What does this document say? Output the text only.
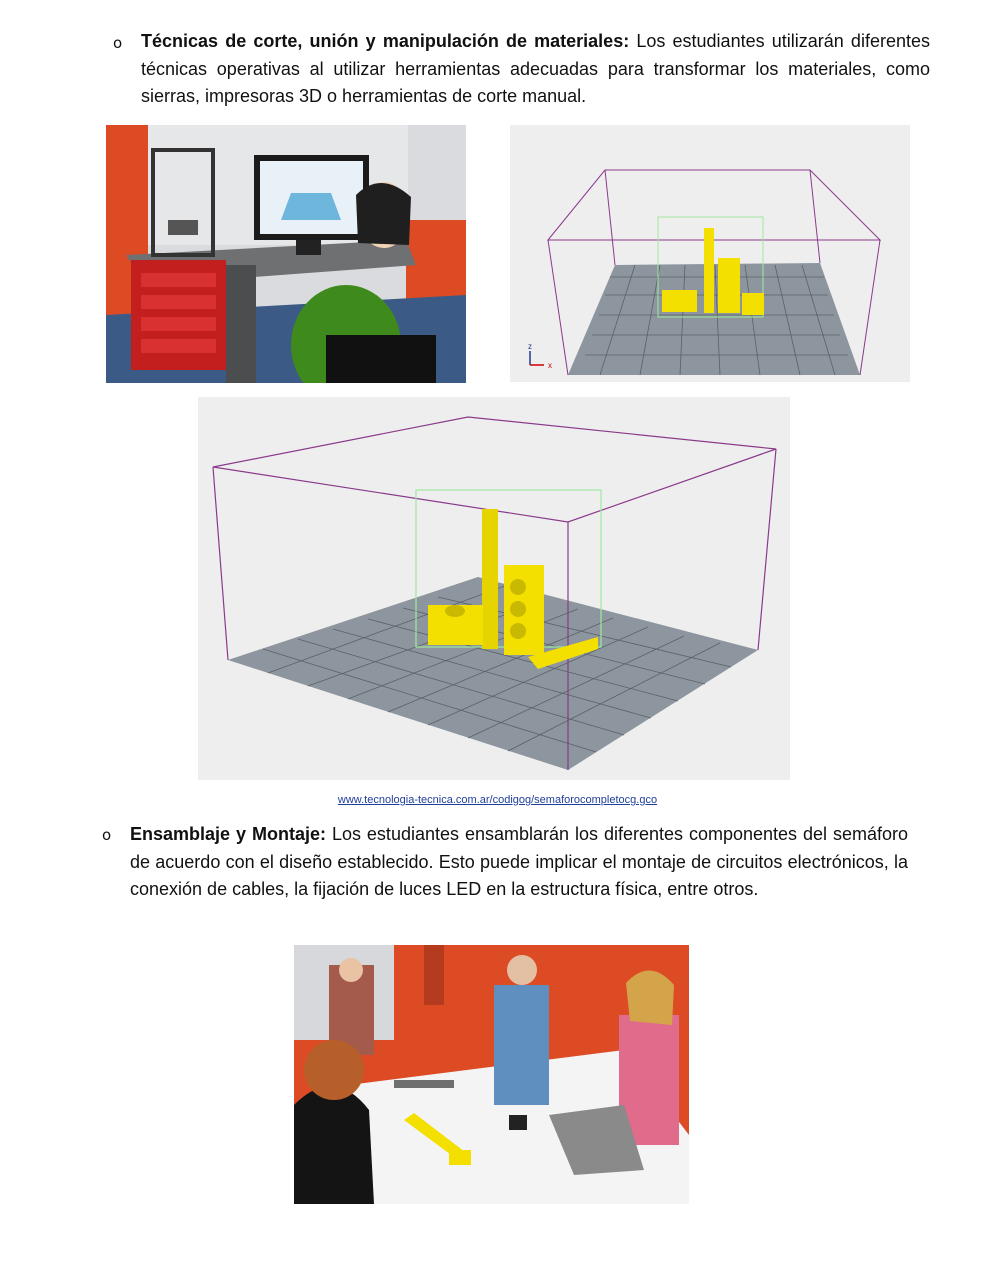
o Técnicas de corte, unión y manipulación de materiales: Los estudiantes utilizarán diferentes técnicas operativas al utilizar herramientas adecuadas para transformar los materiales, como sierras, impresoras 3D o herramientas de corte manual.
z
x
www.tecnologia-tecnica.com.ar/codigog/semaforocompletocg.gco
o Ensamblaje y Montaje: Los estudiantes ensamblarán los diferentes componentes del semáforo de acuerdo con el diseño establecido. Esto puede implicar el montaje de circuitos electrónicos, la conexión de cables, la fijación de luces LED en la estructura física, entre otros.
